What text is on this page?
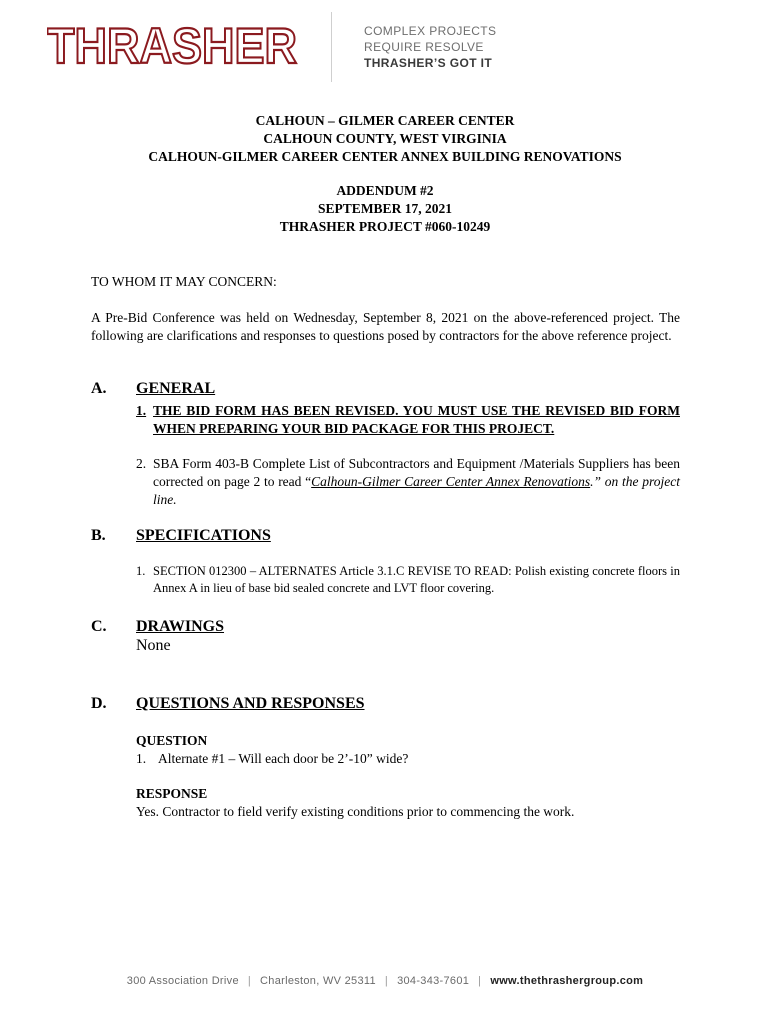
THRASHER	COMPLEX PROJECTS
REQUIRE RESOLVE
THRASHER’S GOT IT
CALHOUN – GILMER CAREER CENTER
CALHOUN COUNTY, WEST VIRGINIA
CALHOUN-GILMER CAREER CENTER ANNEX BUILDING RENOVATIONS
ADDENDUM #2
SEPTEMBER 17, 2021
THRASHER PROJECT #060-10249
TO WHOM IT MAY CONCERN:
A Pre-Bid Conference was held on Wednesday, September 8, 2021 on the above-referenced project. The following are clarifications and responses to questions posed by contractors for the above reference project.
A. GENERAL
1. THE BID FORM HAS BEEN REVISED. YOU MUST USE THE REVISED BID FORM WHEN PREPARING YOUR BID PACKAGE FOR THIS PROJECT.
2. SBA Form 403-B Complete List of Subcontractors and Equipment /Materials Suppliers has been corrected on page 2 to read “Calhoun-Gilmer Career Center Annex Renovations.” on the project line.
B. SPECIFICATIONS
1. SECTION 012300 – ALTERNATES Article 3.1.C REVISE TO READ: Polish existing concrete floors in Annex A in lieu of base bid sealed concrete and LVT floor covering.
C. DRAWINGS
None
D. QUESTIONS AND RESPONSES
QUESTION
1. Alternate #1 – Will each door be 2’-10” wide?
RESPONSE
Yes. Contractor to field verify existing conditions prior to commencing the work.
300 Association Drive | Charleston, WV 25311 | 304-343-7601 | www.thethrashergroup.com
